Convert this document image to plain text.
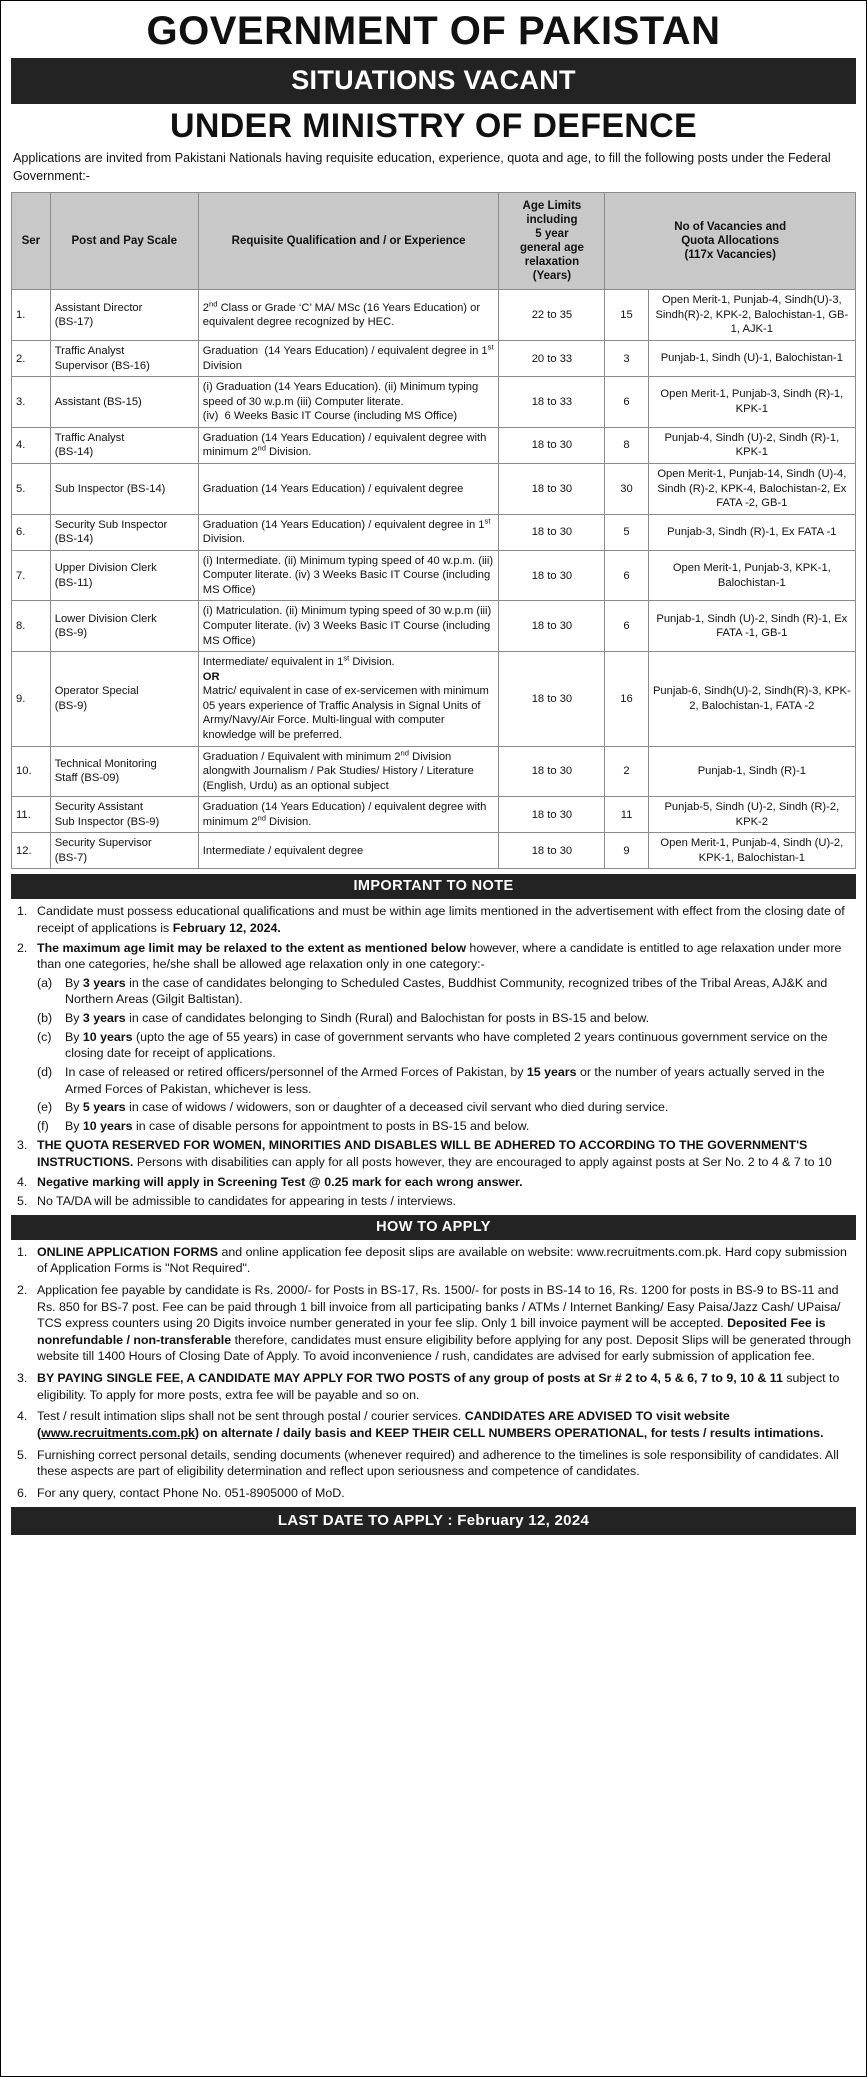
GOVERNMENT OF PAKISTAN
SITUATIONS VACANT
UNDER MINISTRY OF DEFENCE
Applications are invited from Pakistani Nationals having requisite education, experience, quota and age, to fill the following posts under the Federal Government:-
Ser	Post and Pay Scale	Requisite Qualification and / or Experience	Age Limits
including
5 year
general age
relaxation
(Years)	No of Vacancies and
Quota Allocations
(117x Vacancies)
1.	Assistant Director
(BS-17)	2nd Class or Grade ‘C’ MA/ MSc (16 Years Education) or equivalent degree recognized by HEC.	22 to 35	15	Open Merit-1, Punjab-4, Sindh(U)-3, Sindh(R)-2, KPK-2, Balochistan-1, GB-1, AJK-1
2.	Traffic Analyst
Supervisor (BS-16)	Graduation  (14 Years Education) / equivalent degree in 1st Division	20 to 33	3	Punjab-1, Sindh (U)-1, Balochistan-1
3.	Assistant (BS-15)	(i) Graduation (14 Years Education). (ii) Minimum typing speed of 30 w.p.m (iii) Computer literate.
(iv)  6 Weeks Basic IT Course (including MS Office)	18 to 33	6	Open Merit-1, Punjab-3, Sindh (R)-1, KPK-1
4.	Traffic Analyst
(BS-14)	Graduation (14 Years Education) / equivalent degree with minimum 2nd Division.	18 to 30	8	Punjab-4, Sindh (U)-2, Sindh (R)-1, KPK-1
5.	Sub Inspector (BS-14)	Graduation (14 Years Education) / equivalent degree	18 to 30	30	Open Merit-1, Punjab-14, Sindh (U)-4, Sindh (R)-2, KPK-4, Balochistan-2, Ex FATA -2, GB-1
6.	Security Sub Inspector
(BS-14)	Graduation (14 Years Education) / equivalent degree in 1st Division.	18 to 30	5	Punjab-3, Sindh (R)-1, Ex FATA -1
7.	Upper Division Clerk
(BS-11)	(i) Intermediate. (ii) Minimum typing speed of 40 w.p.m. (iii) Computer literate. (iv) 3 Weeks Basic IT Course (including MS Office)	18 to 30	6	Open Merit-1, Punjab-3, KPK-1, Balochistan-1
8.	Lower Division Clerk
(BS-9)	(i) Matriculation. (ii) Minimum typing speed of 30 w.p.m (iii) Computer literate. (iv) 3 Weeks Basic IT Course (including MS Office)	18 to 30	6	Punjab-1, Sindh (U)-2, Sindh (R)-1, Ex FATA -1, GB-1
9.	Operator Special
(BS-9)	Intermediate/ equivalent in 1st Division.
OR
Matric/ equivalent in case of ex-servicemen with minimum 05 years experience of Traffic Analysis in Signal Units of Army/Navy/Air Force. Multi-lingual with computer knowledge will be preferred.	18 to 30	16	Punjab-6, Sindh(U)-2, Sindh(R)-3, KPK-2, Balochistan-1, FATA -2
10.	Technical Monitoring
Staff (BS-09)	Graduation / Equivalent with minimum 2nd Division alongwith Journalism / Pak Studies/ History / Literature (English, Urdu) as an optional subject	18 to 30	2	Punjab-1, Sindh (R)-1
11.	Security Assistant
Sub Inspector (BS-9)	Graduation (14 Years Education) / equivalent degree with minimum 2nd Division.	18 to 30	11	Punjab-5, Sindh (U)-2, Sindh (R)-2, KPK-2
12.	Security Supervisor
(BS-7)	Intermediate / equivalent degree	18 to 30	9	Open Merit-1, Punjab-4, Sindh (U)-2, KPK-1, Balochistan-1
IMPORTANT TO NOTE
1. Candidate must possess educational qualifications and must be within age limits mentioned in the advertisement with effect from the closing date of receipt of applications is February 12, 2024.
2. The maximum age limit may be relaxed to the extent as mentioned below however, where a candidate is entitled to age relaxation under more than one categories, he/she shall be allowed age relaxation only in one category:-
(a)	By 3 years in the case of candidates belonging to Scheduled Castes, Buddhist Community, recognized tribes of the Tribal Areas, AJ&K and Northern Areas (Gilgit Baltistan).
(b)	By 3 years in case of candidates belonging to Sindh (Rural) and Balochistan for posts in BS-15 and below.
(c)	By 10 years (upto the age of 55 years) in case of government servants who have completed 2 years continuous government service on the closing date for receipt of applications.
(d)	In case of released or retired officers/personnel of the Armed Forces of Pakistan, by 15 years or the number of years actually served in the Armed Forces of Pakistan, whichever is less.
(e)	By 5 years in case of widows / widowers, son or daughter of a deceased civil servant who died during service.
(f)	By 10 years in case of disable persons for appointment to posts in BS-15 and below.
3. THE QUOTA RESERVED FOR WOMEN, MINORITIES AND DISABLES WILL BE ADHERED TO ACCORDING TO THE GOVERNMENT'S INSTRUCTIONS. Persons with disabilities can apply for all posts however, they are encouraged to apply against posts at Ser No. 2 to 4 & 7 to 10
4. Negative marking will apply in Screening Test @ 0.25 mark for each wrong answer.
5. No TA/DA will be admissible to candidates for appearing in tests / interviews.
HOW TO APPLY
1. ONLINE APPLICATION FORMS and online application fee deposit slips are available on website: www.recruitments.com.pk. Hard copy submission of Application Forms is "Not Required".
2. Application fee payable by candidate is Rs. 2000/- for Posts in BS-17, Rs. 1500/- for posts in BS-14 to 16, Rs. 1200 for posts in BS-9 to BS-11 and Rs. 850 for BS-7 post. Fee can be paid through 1 bill invoice from all participating banks / ATMs / Internet Banking/ Easy Paisa/Jazz Cash/ UPaisa/ TCS express counters using 20 Digits invoice number generated in your fee slip. Only 1 bill invoice payment will be accepted. Deposited Fee is nonrefundable / non-transferable therefore, candidates must ensure eligibility before applying for any post. Deposit Slips will be generated through website till 1400 Hours of Closing Date of Apply. To avoid inconvenience / rush, candidates are advised for early submission of application fee.
3. BY PAYING SINGLE FEE, A CANDIDATE MAY APPLY FOR TWO POSTS of any group of posts at Sr # 2 to 4, 5 & 6, 7 to 9, 10 & 11 subject to eligibility. To apply for more posts, extra fee will be payable and so on.
4. Test / result intimation slips shall not be sent through postal / courier services. CANDIDATES ARE ADVISED TO visit website (www.recruitments.com.pk) on alternate / daily basis and KEEP THEIR CELL NUMBERS OPERATIONAL, for tests / results intimations.
5. Furnishing correct personal details, sending documents (whenever required) and adherence to the timelines is sole responsibility of candidates. All these aspects are part of eligibility determination and reflect upon seriousness and competence of candidates.
6. For any query, contact Phone No. 051-8905000 of MoD.
LAST DATE TO APPLY : February 12, 2024
